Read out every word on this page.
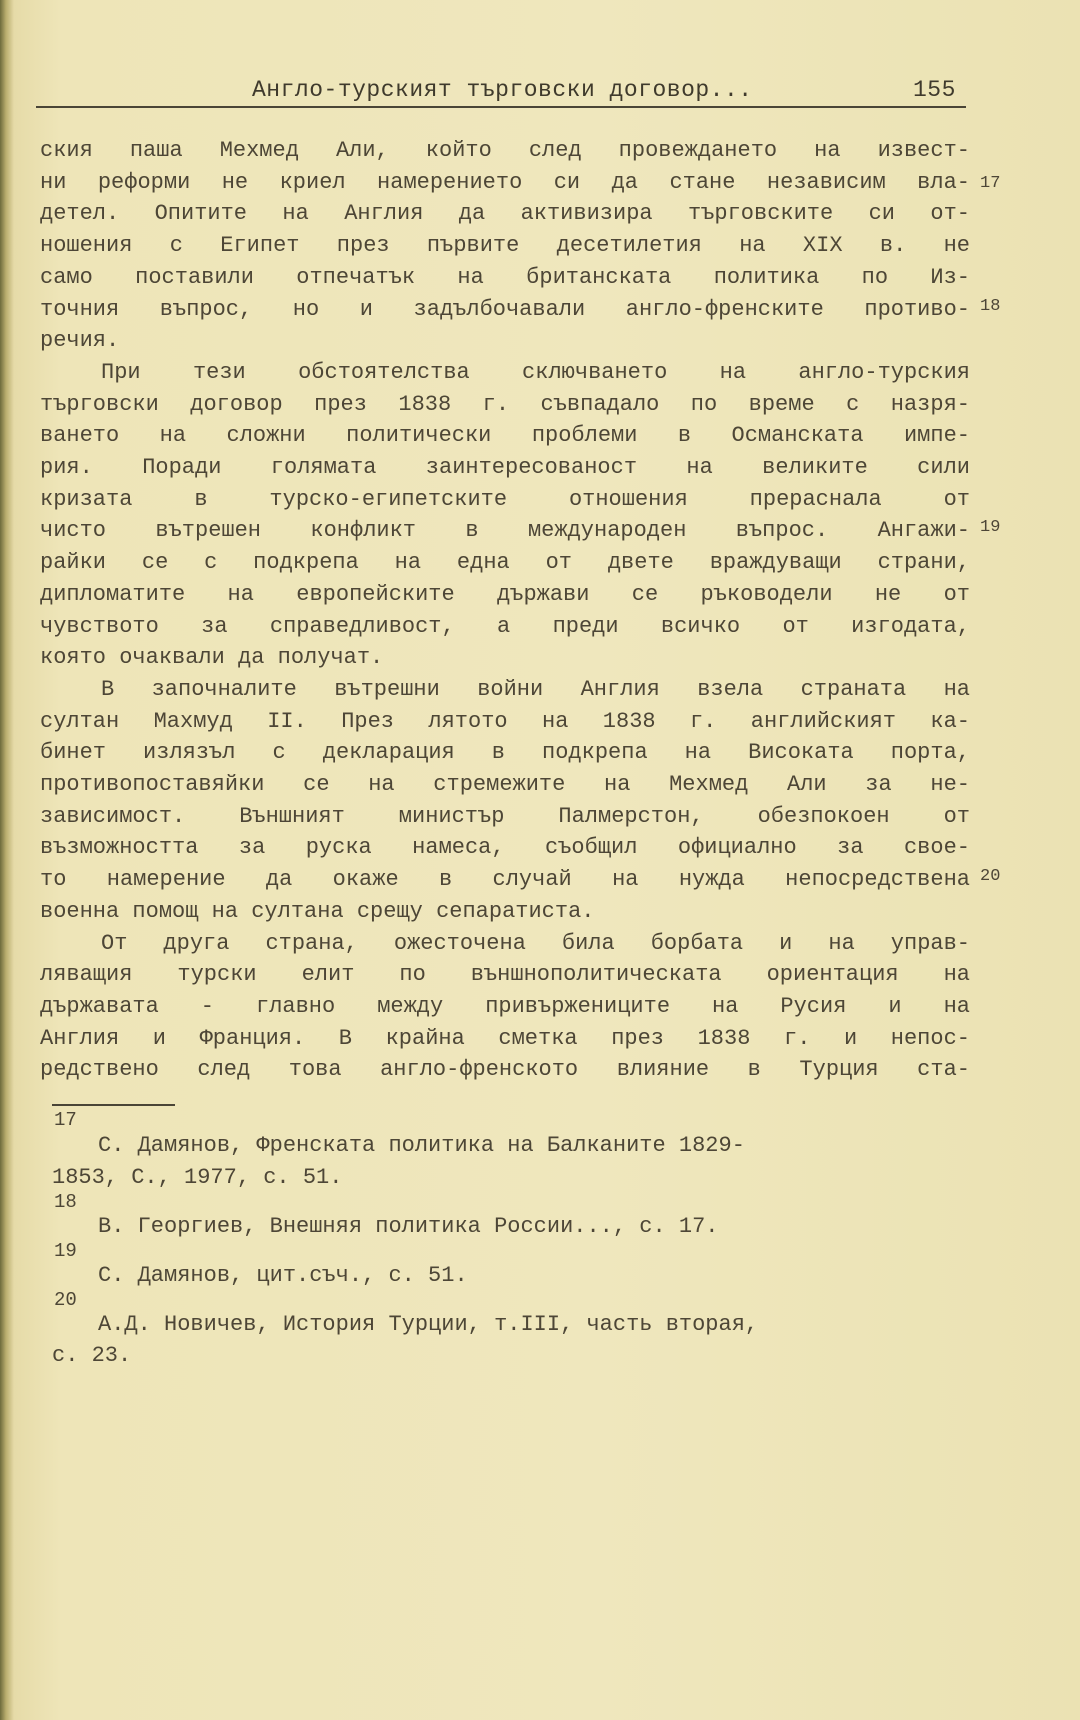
Англо-турският търговски договор...	155
ския паша Мехмед Али, който след провеждането на извест-
ни реформи не криел намерението си да стане независим вла-
детел. Опитите на Англия да активизира търговските си от-
ношения с Египет през първите десетилетия на XIX в. не
само поставили отпечатък на британската политика по Из-
точния въпрос, но и задълбочавали англо-френските противо-
речия.
При тези обстоятелства сключването на англо-турския
търговски договор през 1838 г. съвпадало по време с назря-
ването на сложни политически проблеми в Османската импе-
рия. Поради голямата заинтересованост на великите сили
кризата в турско-египетските отношения прераснала от
чисто вътрешен конфликт в международен въпрос. Ангажи-
райки се с подкрепа на една от двете враждуващи страни,
дипломатите на европейските държави се ръководели не от
чувството за справедливост, а преди всичко от изгодата,
която очаквали да получат.
В започналите вътрешни войни Англия взела страната на
султан Махмуд II. През лятото на 1838 г. английският ка-
бинет излязъл с декларация в подкрепа на Високата порта,
противопоставяйки се на стремежите на Мехмед Али за не-
зависимост. Външният министър Палмерстон, обезпокоен от
възможността за руска намеса, съобщил официално за свое-
то намерение да окаже в случай на нужда непосредствена
военна помощ на султана срещу сепаратиста.
От друга страна, ожесточена била борбата и на управ-
ляващия турски елит по външнополитическата ориентация на
държавата - главно между привържениците на Русия и на
Англия и Франция. В крайна сметка през 1838 г. и непос-
редствено след това англо-френското влияние в Турция ста-
17
18
19
20
17
С. Дамянов, Френската политика на Балканите 1829-
1853, С., 1977, с. 51.
18
В. Георгиев, Внешняя политика России..., с. 17.
19
С. Дамянов, цит.съч., с. 51.
20
А.Д. Новичев, История Турции, т.III, часть вторая,
с. 23.
